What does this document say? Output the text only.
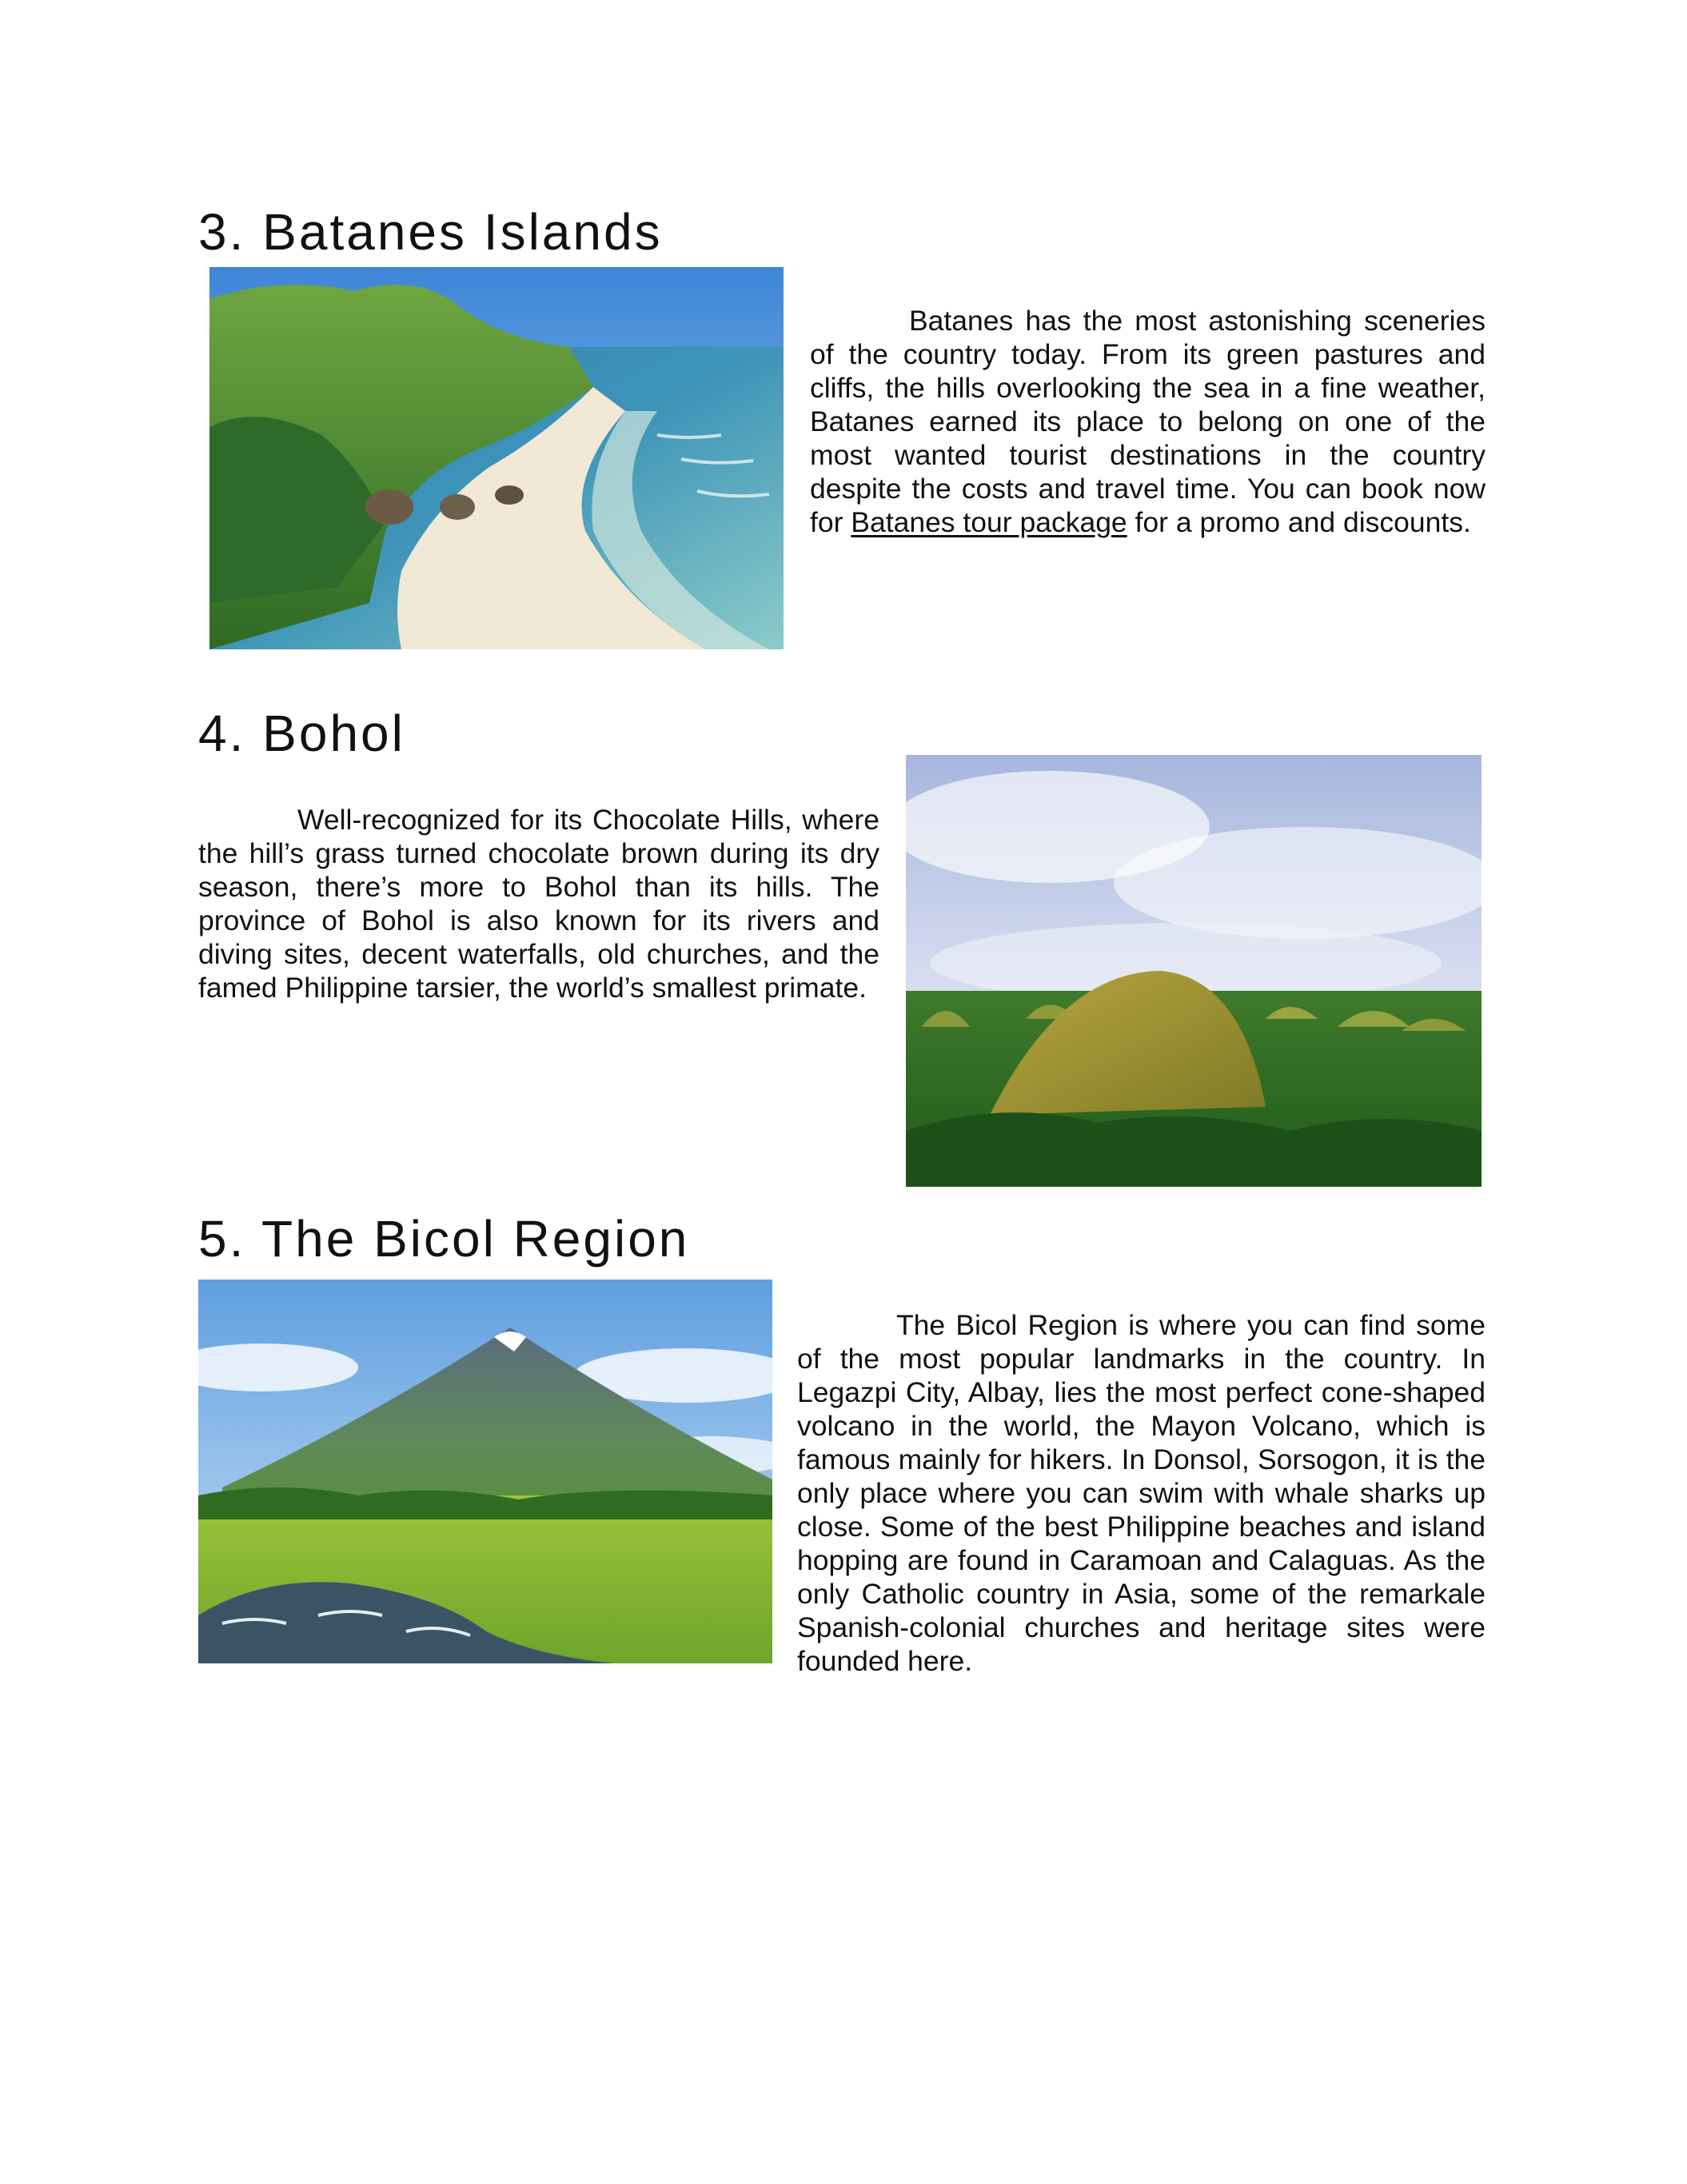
3. Batanes Islands

Batanes has the most astonishing sceneries of the country today. From its green pastures and cliffs, the hills overlooking the sea in a fine weather, Batanes earned its place to belong on one of the most wanted tourist destinations in the country despite the costs and travel time. You can book now for Batanes tour package for a promo and discounts.

4. Bohol

Well-recognized for its Chocolate Hills, where the hill’s grass turned chocolate brown during its dry season, there’s more to Bohol than its hills. The province of Bohol is also known for its rivers and diving sites, decent waterfalls, old churches, and the famed Philippine tarsier, the world’s smallest primate.

5. The Bicol Region

The Bicol Region is where you can find some of the most popular landmarks in the country. In Legazpi City, Albay, lies the most perfect cone-shaped volcano in the world, the Mayon Volcano, which is famous mainly for hikers. In Donsol, Sorsogon, it is the only place where you can swim with whale sharks up close. Some of the best Philippine beaches and island hopping are found in Caramoan and Calaguas. As the only Catholic country in Asia, some of the remarkale Spanish-colonial churches and heritage sites were founded here.
